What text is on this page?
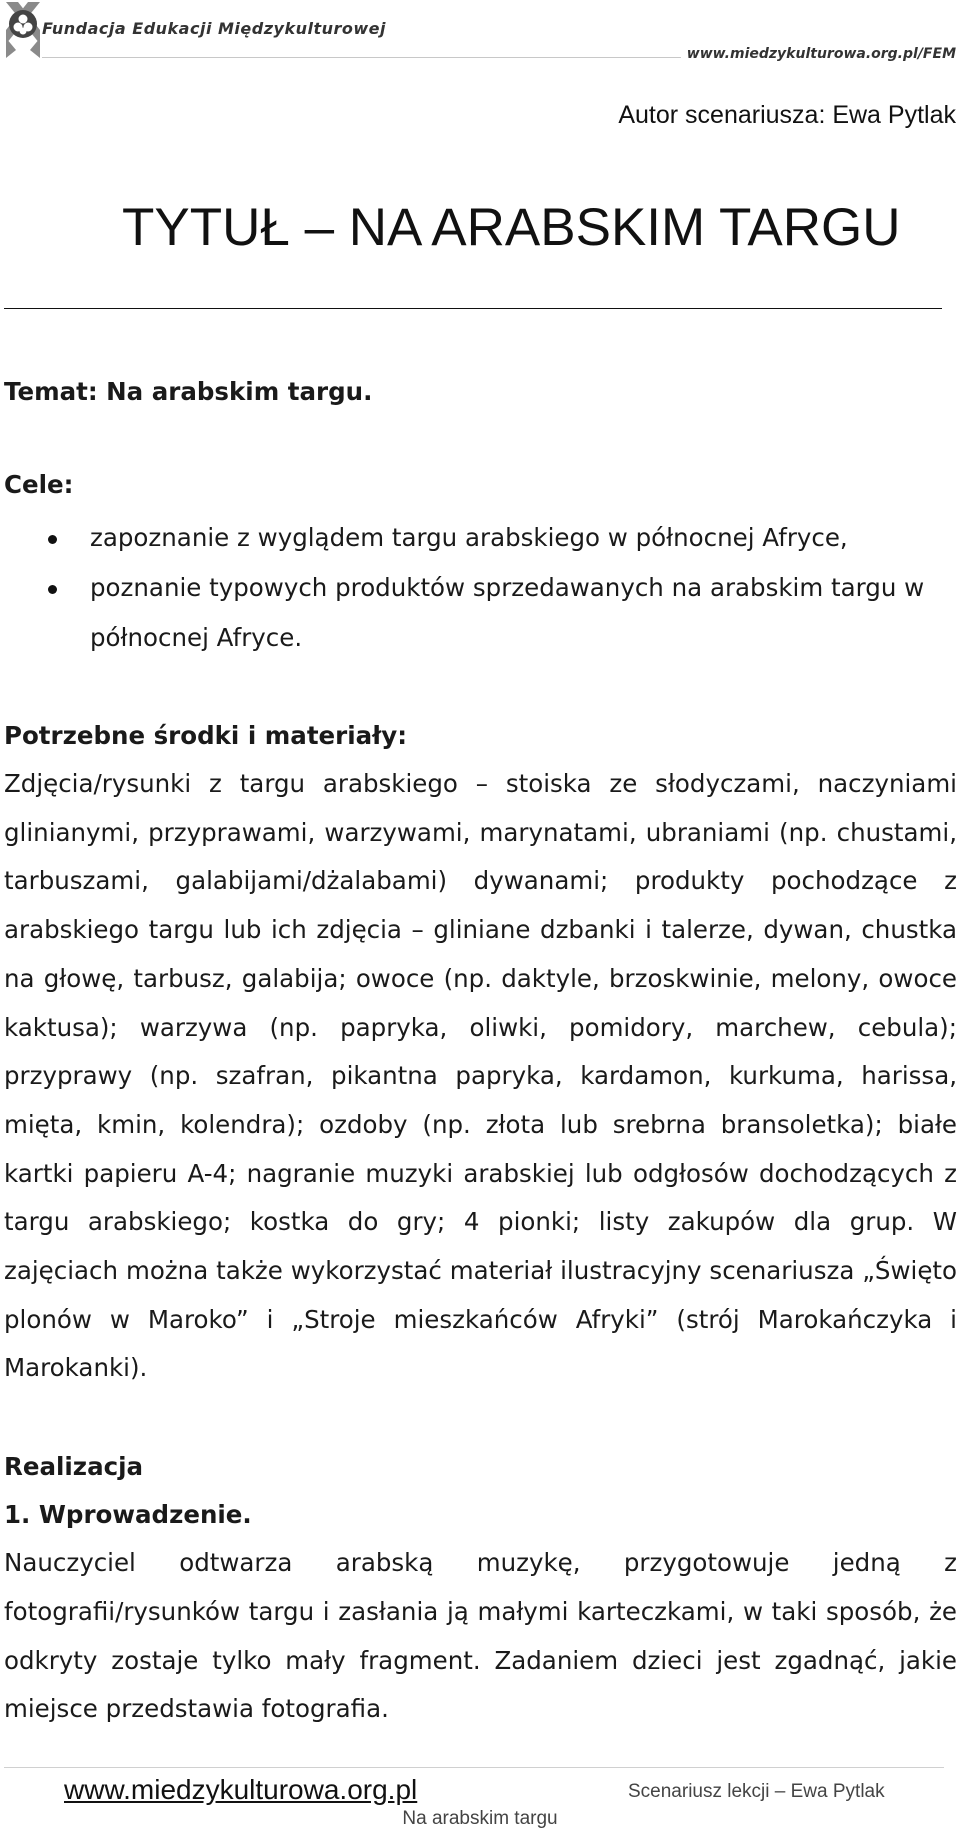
Fundacja Edukacji Międzykulturowej
www.miedzykulturowa.org.pl/FEM
Autor scenariusza: Ewa Pytlak
TYTUŁ – NA ARABSKIM TARGU

Temat: Na arabskim targu.

Cele:

zapoznanie z wyglądem targu arabskiego w północnej Afryce,
poznanie typowych produktów sprzedawanych na arabskim targu w północnej Afryce.

Potrzebne środki i materiały:

Zdjęcia/rysunki z targu arabskiego – stoiska ze słodyczami, naczyniami glinianymi, przyprawami, warzywami, marynatami, ubraniami (np. chustami, tarbuszami, galabijami/dżalabami) dywanami; produkty pochodzące z arabskiego targu lub ich zdjęcia – gliniane dzbanki i talerze, dywan, chustka na głowę, tarbusz, galabija; owoce (np. daktyle, brzoskwinie, melony, owoce kaktusa); warzywa (np. papryka, oliwki, pomidory, marchew, cebula); przyprawy (np. szafran, pikantna papryka, kardamon, kurkuma, harissa, mięta, kmin, kolendra); ozdoby (np. złota lub srebrna bransoletka); białe kartki papieru A-4; nagranie muzyki arabskiej lub odgłosów dochodzących z targu arabskiego; kostka do gry; 4 pionki; listy zakupów dla grup. W zajęciach można także wykorzystać materiał ilustracyjny scenariusza „Święto plonów w Maroko” i „Stroje mieszkańców Afryki” (strój Marokańczyka i Marokanki).

Realizacja

1. Wprowadzenie.

Nauczyciel odtwarza arabską muzykę, przygotowuje jedną z fotografii/rysunków targu i zasłania ją małymi karteczkami, w taki sposób, że odkryty zostaje tylko mały fragment. Zadaniem dzieci jest zgadnąć, jakie miejsce przedstawia fotografia.

www.miedzykulturowa.org.pl	Scenariusz lekcji – Ewa Pytlak
Na arabskim targu
